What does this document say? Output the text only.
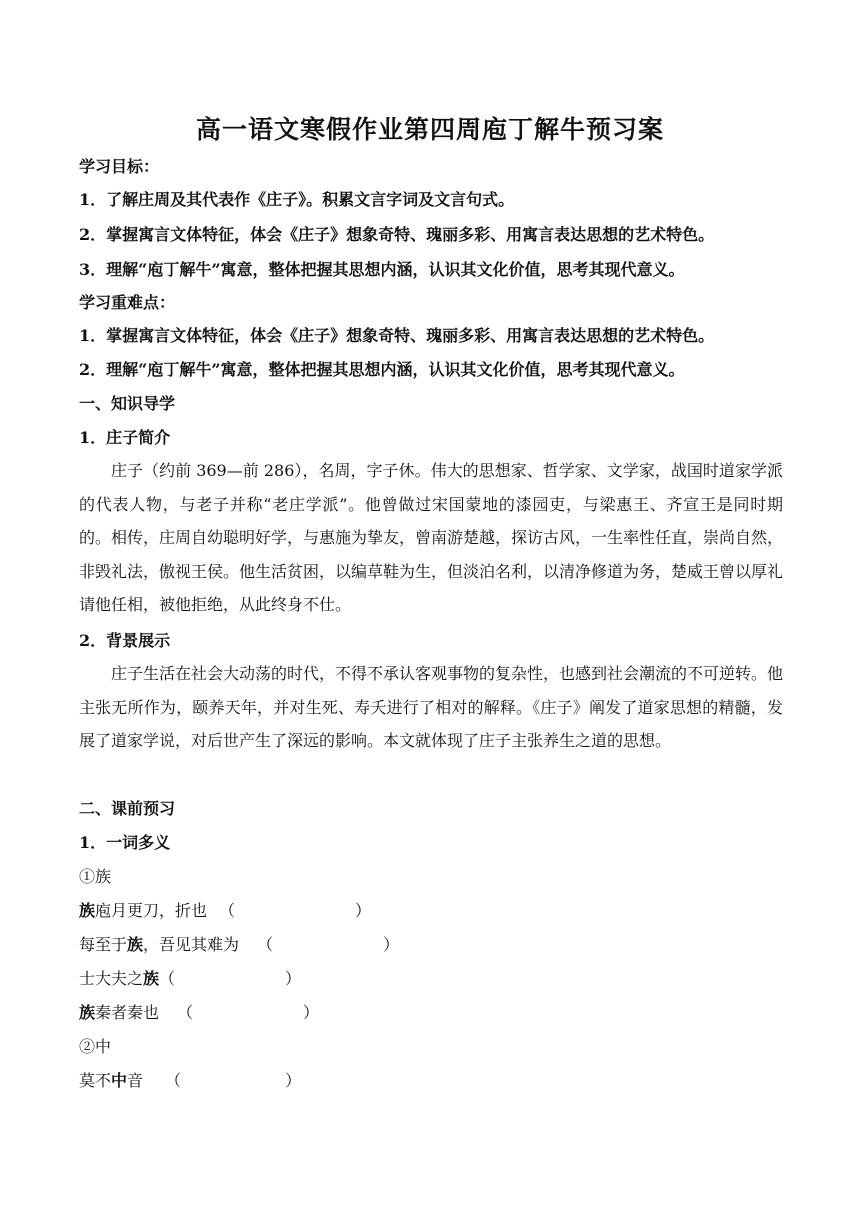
高一语文寒假作业第四周庖丁解牛预习案
学习目标：
1．了解庄周及其代表作《庄子》。积累文言字词及文言句式。
2．掌握寓言文体特征，体会《庄子》想象奇特、瑰丽多彩、用寓言表达思想的艺术特色。
3．理解“庖丁解牛”寓意，整体把握其思想内涵，认识其文化价值，思考其现代意义。
学习重难点：
1．掌握寓言文体特征，体会《庄子》想象奇特、瑰丽多彩、用寓言表达思想的艺术特色。
2．理解“庖丁解牛”寓意，整体把握其思想内涵，认识其文化价值，思考其现代意义。
一、知识导学
1．庄子简介
庄子（约前 369—前 286），名周，字子休。伟大的思想家、哲学家、文学家，战国时道家学派的代表人物，与老子并称“老庄学派”。他曾做过宋国蒙地的漆园吏，与梁惠王、齐宣王是同时期的。相传，庄周自幼聪明好学，与惠施为挚友，曾南游楚越，探访古风，一生率性任直，崇尚自然，非毁礼法，傲视王侯。他生活贫困，以编草鞋为生，但淡泊名利，以清净修道为务，楚威王曾以厚礼请他任相，被他拒绝，从此终身不仕。
2．背景展示
庄子生活在社会大动荡的时代，不得不承认客观事物的复杂性，也感到社会潮流的不可逆转。他主张无所作为，颐养天年，并对生死、寿夭进行了相对的解释。《庄子》阐发了道家思想的精髓，发展了道家学说，对后世产生了深远的影响。本文就体现了庄子主张养生之道的思想。
二、课前预习
1．一词多义
①族
族庖月更刀，折也 （	）
每至于族，吾见其难为 （	）
士大夫之族（	）
族秦者秦也 （	）
②中
莫不中音 （	）
